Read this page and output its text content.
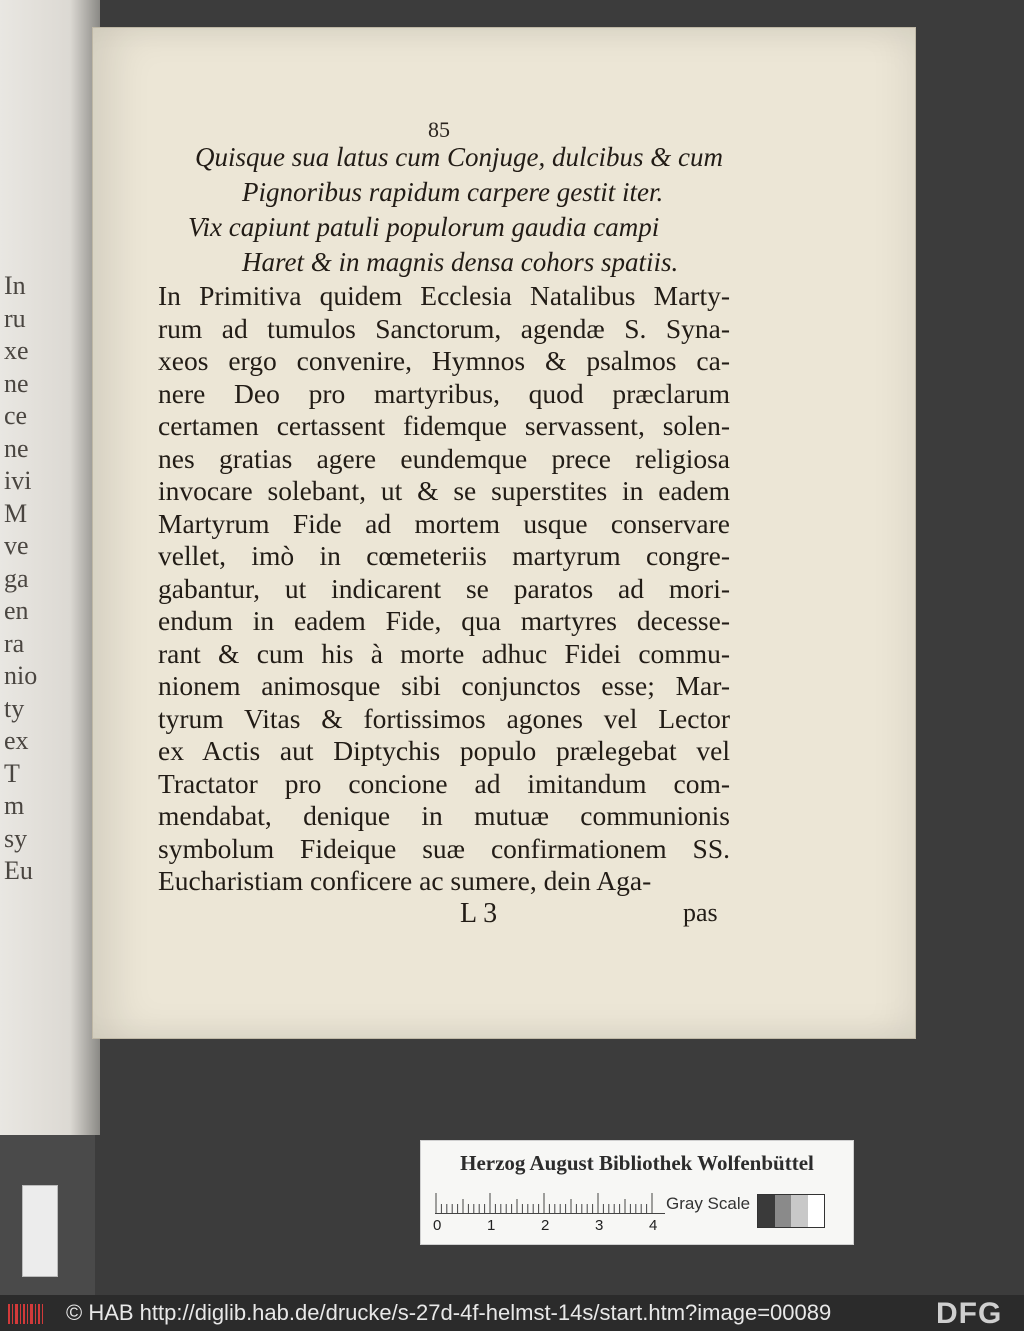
In
ru
xe
ne
ce
ne
ivi
M
ve
ga
en
ra
nio
ty
ex
T
m
sy
Eu
85
Quisque sua latus cum Conjuge, dulcibus & cum
Pignoribus rapidum carpere gestit iter.
Vix capiunt patuli populorum gaudia campi
Haret & in magnis densa cohors spatiis.
In Primitiva quidem Ecclesia Natalibus Marty-
rum ad tumulos Sanctorum, agendæ S. Syna-
xeos ergo convenire, Hymnos & psalmos ca-
nere Deo pro martyribus, quod præclarum
certamen certassent fidemque servassent, solen-
nes gratias agere eundemque prece religiosa
invocare solebant, ut & se superstites in eadem
Martyrum Fide ad mortem usque conservare
vellet, imò in cœmeteriis martyrum congre-
gabantur, ut indicarent se paratos ad mori-
endum in eadem Fide, qua martyres decesse-
rant & cum his à morte adhuc Fidei commu-
nionem animosque sibi conjunctos esse; Mar-
tyrum Vitas & fortissimos agones vel Lector
ex Actis aut Diptychis populo prælegebat vel
Tractator pro concione ad imitandum com-
mendabat, denique in mutuæ communionis
symbolum Fideique suæ confirmationem SS.
Eucharistiam conficere ac sumere, dein Aga-
L 3	pas
Herzog August Bibliothek Wolfenbüttel
0	1	2	3	4
Gray Scale
© HAB http://diglib.hab.de/drucke/s-27d-4f-helmst-14s/start.htm?image=00089	DFG
